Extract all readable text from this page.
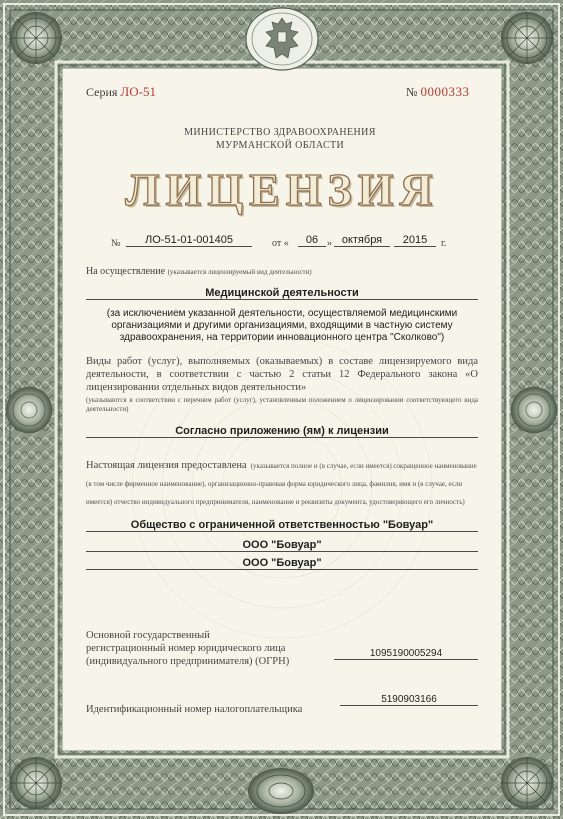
Серия ЛО-51	№ 0000333
МИНИСТЕРСТВО ЗДРАВООХРАНЕНИЯ
МУРМАНСКОЙ ОБЛАСТИ
ЛИЦЕНЗИЯ
№	ЛО-51-01-001405	от «	06 » октября	2015	г.
На осуществление (указывается лицензируемый вид деятельности)
Медицинской деятельности
(за исключением указанной деятельности, осуществляемой медицинскими организациями и другими организациями, входящими в частную систему здравоохранения, на территории инновационного центра "Сколково")
Виды работ (услуг), выполняемых (оказываемых) в составе лицензируемого вида деятельности, в соответствии с частью 2 статьи 12 Федерального закона «О лицензировании отдельных видов деятельности»
(указываются в соответствии с перечнем работ (услуг), установленным положением о лицензировании соответствующего вида деятельности)
Согласно приложению (ям) к лицензии
Настоящая лицензия предоставлена (указывается полное и (в случае, если имеется) сокращенное наименование (в том числе фирменное наименование), организационно-правовая форма юридического лица, фамилия, имя и (в случае, если имеется) отчество индивидуального предпринимателя, наименование и реквизиты документа, удостоверяющего его личность)
Общество с ограниченной ответственностью "Бовуар"
ООО "Бовуар"
ООО "Бовуар"
Основной государственный
регистрационный номер юридического лица
(индивидуального предпринимателя) (ОГРН)
1095190005294
Идентификационный номер налогоплательщика
5190903166
